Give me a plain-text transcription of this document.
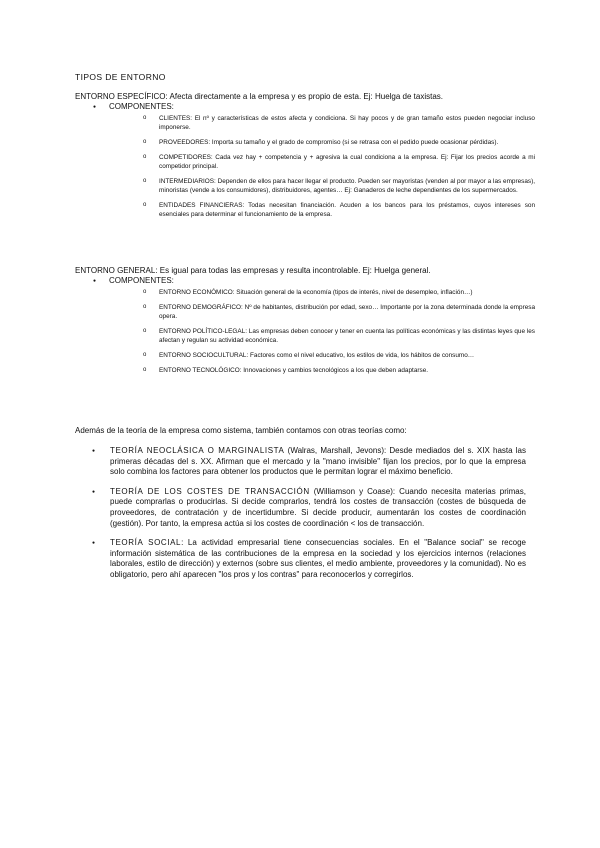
TIPOS DE ENTORNO

ENTORNO ESPECÍFICO: Afecta directamente a la empresa y es propio de esta. Ej: Huelga de taxistas.

● COMPONENTES:
o CLIENTES: El nº y características de estos afecta y condiciona. Si hay pocos y de gran tamaño estos pueden negociar incluso imponerse.
o PROVEEDORES: Importa su tamaño y el grado de compromiso (si se retrasa con el pedido puede ocasionar pérdidas).
o COMPETIDORES: Cada vez hay + competencia y + agresiva la cual condiciona a la empresa. Ej: Fijar los precios acorde a mi competidor principal.
o INTERMEDIARIOS: Dependen de ellos para hacer llegar el producto. Pueden ser mayoristas (venden al por mayor a las empresas), minoristas (vende a los consumidores), distribuidores, agentes… Ej: Ganaderos de leche dependientes de los supermercados.
o ENTIDADES FINANCIERAS: Todas necesitan financiación. Acuden a los bancos para los préstamos, cuyos intereses son esenciales para determinar el funcionamiento de la empresa.

ENTORNO GENERAL: Es igual para todas las empresas y resulta incontrolable. Ej: Huelga general.

● COMPONENTES:
o ENTORNO ECONÓMICO: Situación general de la economía (tipos de interés, nivel de desempleo, inflación…)
o ENTORNO DEMOGRÁFICO: Nº de habitantes, distribución por edad, sexo… Importante por la zona determinada donde la empresa opera.
o ENTORNO POLÍTICO-LEGAL: Las empresas deben conocer y tener en cuenta las políticas económicas y las distintas leyes que les afectan y regulan su actividad económica.
o ENTORNO SOCIOCULTURAL: Factores como el nivel educativo, los estilos de vida, los hábitos de consumo…
o ENTORNO TECNOLÓGICO: Innovaciones y cambios tecnológicos a los que deben adaptarse.

Además de la teoría de la empresa como sistema, también contamos con otras teorías como:

● TEORÍA NEOCLÁSICA O MARGINALISTA (Walras, Marshall, Jevons): Desde mediados del s. XIX hasta las primeras décadas del s. XX. Afirman que el mercado y la "mano invisible" fijan los precios, por lo que la empresa solo combina los factores para obtener los productos que le permitan lograr el máximo beneficio.
● TEORÍA DE LOS COSTES DE TRANSACCIÓN (Williamson y Coase): Cuando necesita materias primas, puede comprarlas o producirlas. Si decide comprarlos, tendrá los costes de transacción (costes de búsqueda de proveedores, de contratación y de incertidumbre. Si decide producir, aumentarán los costes de coordinación (gestión). Por tanto, la empresa actúa si los costes de coordinación < los de transacción.
● TEORÍA SOCIAL: La actividad empresarial tiene consecuencias sociales. En el "Balance social" se recoge información sistemática de las contribuciones de la empresa en la sociedad y los ejercicios internos (relaciones laborales, estilo de dirección) y externos (sobre sus clientes, el medio ambiente, proveedores y la comunidad). No es obligatorio, pero ahí aparecen "los pros y los contras" para reconocerlos y corregirlos.
